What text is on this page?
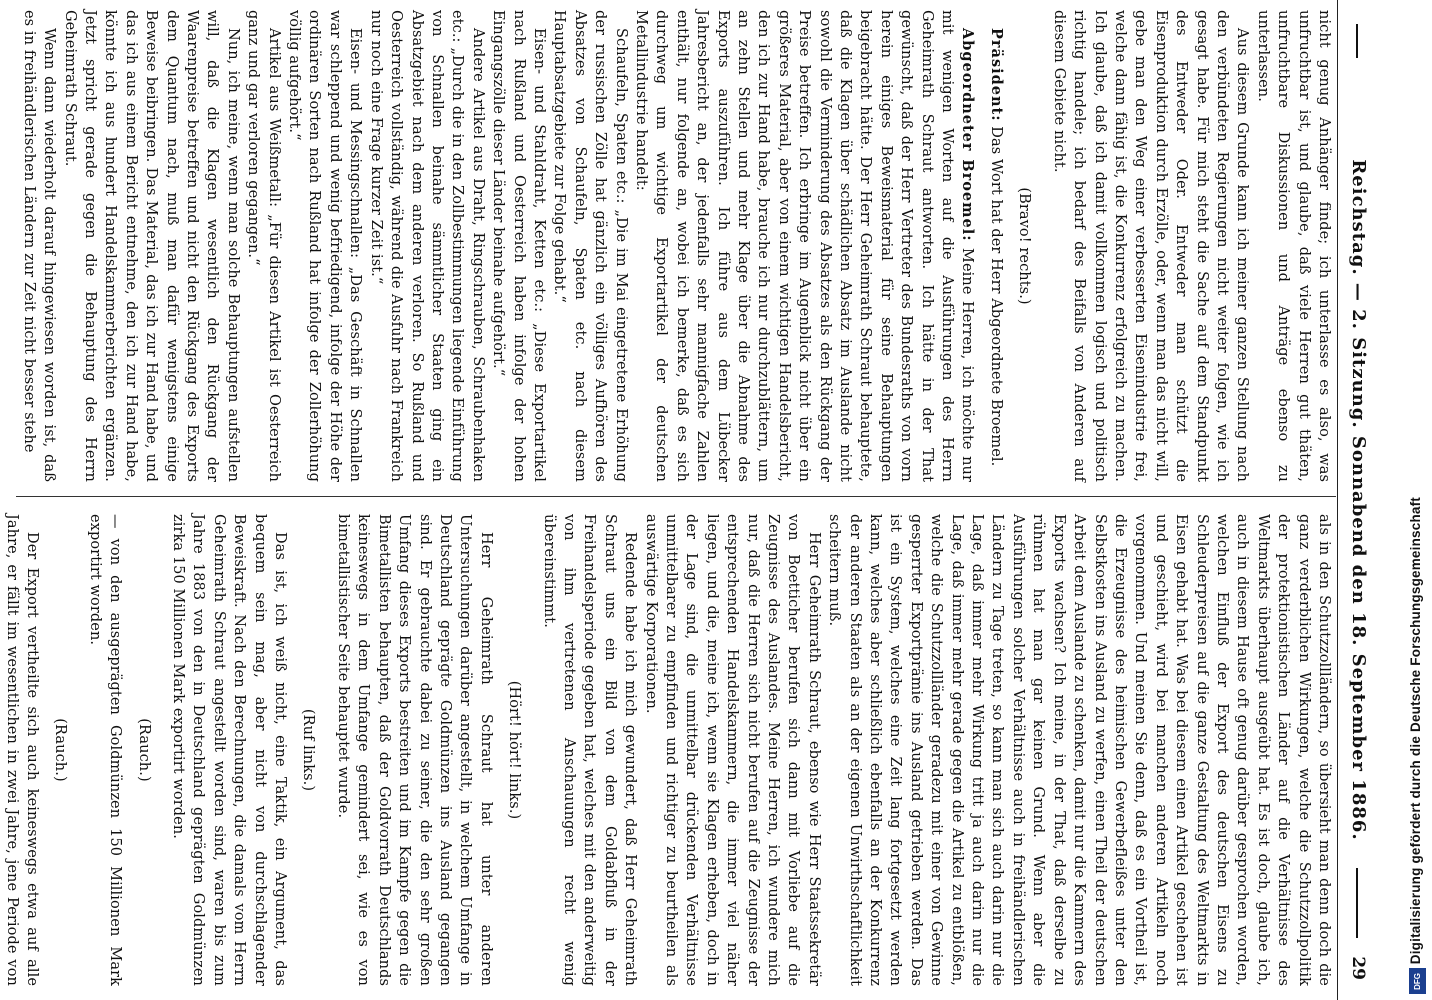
Reichstag. — 2. Sitzung. Sonnabend den 18. September 1886.
29

nicht genug Anhänger finde; ich unterlasse es also, was unfruchtbar ist, und glaube, daß viele Herren gut thäten, unfruchtbare Diskussionen und Anträge ebenso zu unterlassen.

Aus diesem Grunde kann ich meiner ganzen Stellung nach den verbündeten Regierungen nicht weiter folgen, wie ich gesagt habe. Für mich steht die Sache auf dem Standpunkt des Entweder Oder. Entweder man schützt die Eisenproduktion durch Erzölle, oder, wenn man das nicht will, gebe man den Weg einer verbesserten Eisenindustrie frei, welche dann fähig ist, die Konkurrenz erfolgreich zu machen. Ich glaube, daß ich damit vollkommen logisch und politisch richtig handele; ich bedarf des Beifalls von Anderen auf diesem Gebiete nicht.

(Bravo! rechts.)

Präsident: Das Wort hat der Herr Abgeordnete Broemel.

Abgeordneter Broemel: Meine Herren, ich möchte nur mit wenigen Worten auf die Ausführungen des Herrn Geheimrath Schraut antworten. Ich hätte in der That gewünscht, daß der Herr Vertreter des Bundesraths von vorn herein einiges Beweismaterial für seine Behauptungen beigebracht hätte. Der Herr Geheimrath Schraut behauptete, daß die Klagen über schädlichen Absatz im Auslande nicht sowohl die Verminderung des Absatzes als den Rückgang der Preise betreffen. Ich erbringe im Augenblick nicht über ein größeres Material, aber von einem wichtigen Handelsbericht, den ich zur Hand habe, brauche ich nur durchzublättern, um an zehn Stellen und mehr Klage über die Abnahme des Exports auszuführen. Ich führe aus dem Lübecker Jahresbericht an, der jedenfalls sehr mannigfache Zahlen enthält, nur folgende an, wobei ich bemerke, daß es sich durchweg um wichtige Exportartikel der deutschen Metallindustrie handelt:

Schaufeln, Spaten etc.: „Die im Mai eingetretene Erhöhung der russischen Zölle hat gänzlich ein völliges Aufhören des Absatzes von Schaufeln, Spaten etc. nach diesem Hauptabsatzgebiete zur Folge gehabt.“

Eisen- und Stahldraht, Ketten etc.: „Diese Exportartikel nach Rußland und Oesterreich haben infolge der hohen Eingangszölle dieser Länder beinahe aufgehört.“

Andere Artikel aus Draht, Ringschrauben, Schraubenhaken etc.: „Durch die in den Zollbestimmungen liegende Einführung von Schnallen beinahe sämmtlicher Staaten ging ein Absatzgebiet nach dem anderen verloren. So Rußland und Oesterreich vollständig, während die Ausfuhr nach Frankreich nur noch eine Frage kurzer Zeit ist.“

Eisen- und Messingschnallen: „Das Geschäft in Schnallen war schleppend und wenig befriedigend, infolge der Höhe der ordinären Sorten nach Rußland hat infolge der Zollerhöhung völlig aufgehört.“

Artikel aus Weißmetall: „Für diesen Artikel ist Oesterreich ganz und gar verloren gegangen.“

Nun, ich meine, wenn man solche Behauptungen aufstellen will, daß die Klagen wesentlich den Rückgang der Waarenpreise betreffen und nicht den Rückgang des Exports dem Quantum nach, muß man dafür wenigstens einige Beweise beibringen. Das Material, das ich zur Hand habe, und das ich aus einem Bericht entnehme, den ich zur Hand habe, könnte ich aus hundert Handelskammerberichten ergänzen. Jetzt spricht gerade gegen die Behauptung des Herrn Geheimrath Schraut.

Wenn dann wiederholt darauf hingewiesen worden ist, daß es in freihändlerischen Ländern zur Zeit nicht besser stehe

als in den Schutzzollländern, so übersieht man denn doch die ganz verderblichen Wirkungen, welche die Schutzzollpolitik der protektionistischen Länder auf die Verhältnisse des Weltmarkts überhaupt ausgeübt hat. Es ist doch, glaube ich, auch in diesem Hause oft genug darüber gesprochen worden, welchen Einfluß der Export des deutschen Eisens zu Schleuderpreisen auf die ganze Gestaltung des Weltmarkts in Eisen gehabt hat. Was bei diesem einen Artikel geschehen ist und geschieht, wird bei manchen anderen Artikeln noch vorgenommen. Und meinen Sie denn, daß es ein Vortheil ist, die Erzeugnisse des heimischen Gewerbefleißes unter den Selbstkosten ins Ausland zu werfen, einen Theil der deutschen Arbeit dem Auslande zu schenken, damit nur die Kammern des Exports wachsen? Ich meine, in der That, daß derselbe zu rühmen hat man gar keinen Grund. Wenn aber die Ausführungen solcher Verhältnisse auch in freihändlerischen Ländern zu Tage treten, so kann man sich auch darin nur die Lage, daß immer mehr Wirkung tritt ja auch darin nur die Lage, daß immer mehr gerade gegen die Artikel zu entblößen, welche die Schutzzollländer geradezu mit einer von Gewinne gesperrter Exportprämie ins Ausland getrieben werden. Das ist ein System, welches eine Zeit lang fortgesetzt werden kann, welches aber schließlich ebenfalls an der Konkurrenz der anderen Staaten als an der eigenen Unwirthschaftlichkeit scheitern muß.

Herr Geheimrath Schraut, ebenso wie Herr Staatssekretär von Boetticher berufen sich dann mit Vorliebe auf die Zeugnisse des Auslandes. Meine Herren, ich wundere mich nur, daß die Herren sich nicht berufen auf die Zeugnisse der entsprechenden Handelskammern, die immer viel näher liegen, und die, meine ich, wenn sie Klagen erheben, doch in der Lage sind, die unmittelbar drückenden Verhältnisse unmittelbarer zu empfinden und richtiger zu beurtheilen als auswärtige Korporationen.

Redende habe ich mich gewundert, daß Herr Geheimrath Schraut uns ein Bild von dem Goldabfluß in der Freihandelsperiode gegeben hat, welches mit den anderweitig von ihm vertretenen Anschauungen recht wenig übereinstimmt.

(Hört! hört! links.)

Herr Geheimrath Schraut hat unter anderen Untersuchungen darüber angestellt, in welchem Umfange in Deutschland geprägte Goldmünzen ins Ausland gegangen sind. Er gebrauchte dabei zu seiner, die den sehr großen Umfang dieses Exports bestreiten und im Kampfe gegen die Bimetallisten behaupten, daß der Goldvorrath Deutschlands keineswegs in dem Umfange gemindert sei, wie es von bimetallistischer Seite behauptet wurde.

(Ruf links.)

Das ist, ich weiß nicht, eine Taktik, ein Argument, das bequem sein mag, aber nicht von durchschlagender Beweiskraft. Nach den Berechnungen, die damals vom Herrn Geheimrath Schraut angestellt worden sind, waren bis zum Jahre 1883 von den in Deutschland geprägten Goldmünzen zirka 150 Millionen Mark exportirt worden.

(Rauch.)

— von den ausgeprägten Goldmünzen 150 Millionen Mark exportirt worden.

(Rauch.)

Der Export vertheilte sich auch keineswegs etwa auf alle Jahre, er fällt im wesentlichen in zwei Jahre, jene Periode von

Digitalisierung gefördert durch die Deutsche Forschungsgemeinschaft
DFG
